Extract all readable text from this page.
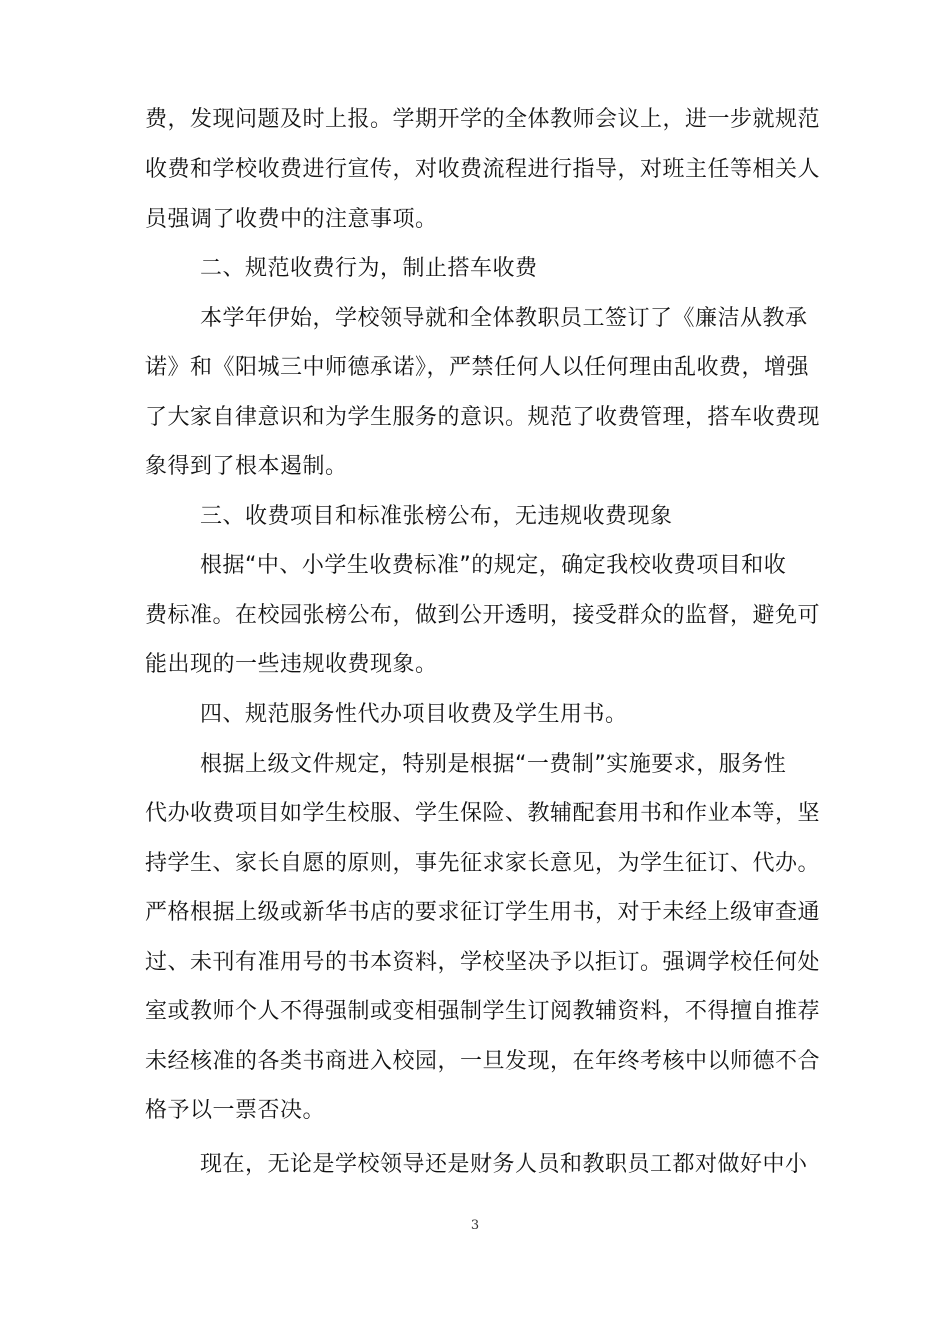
费，发现问题及时上报。学期开学的全体教师会议上，进一步就规范
收费和学校收费进行宣传，对收费流程进行指导，对班主任等相关人
员强调了收费中的注意事项。
二、规范收费行为，制止搭车收费
本学年伊始，学校领导就和全体教职员工签订了《廉洁从教承
诺》和《阳城三中师德承诺》，严禁任何人以任何理由乱收费，增强
了大家自律意识和为学生服务的意识。规范了收费管理，搭车收费现
象得到了根本遏制。
三、收费项目和标准张榜公布，无违规收费现象
根据“中、小学生收费标准”的规定，确定我校收费项目和收
费标准。在校园张榜公布，做到公开透明，接受群众的监督，避免可
能出现的一些违规收费现象。
四、规范服务性代办项目收费及学生用书。
根据上级文件规定，特别是根据“一费制”实施要求，服务性
代办收费项目如学生校服、学生保险、教辅配套用书和作业本等，坚
持学生、家长自愿的原则，事先征求家长意见，为学生征订、代办。
严格根据上级或新华书店的要求征订学生用书，对于未经上级审查通
过、未刊有准用号的书本资料，学校坚决予以拒订。强调学校任何处
室或教师个人不得强制或变相强制学生订阅教辅资料，不得擅自推荐
未经核准的各类书商进入校园，一旦发现，在年终考核中以师德不合
格予以一票否决。
现在，无论是学校领导还是财务人员和教职员工都对做好中小
3
